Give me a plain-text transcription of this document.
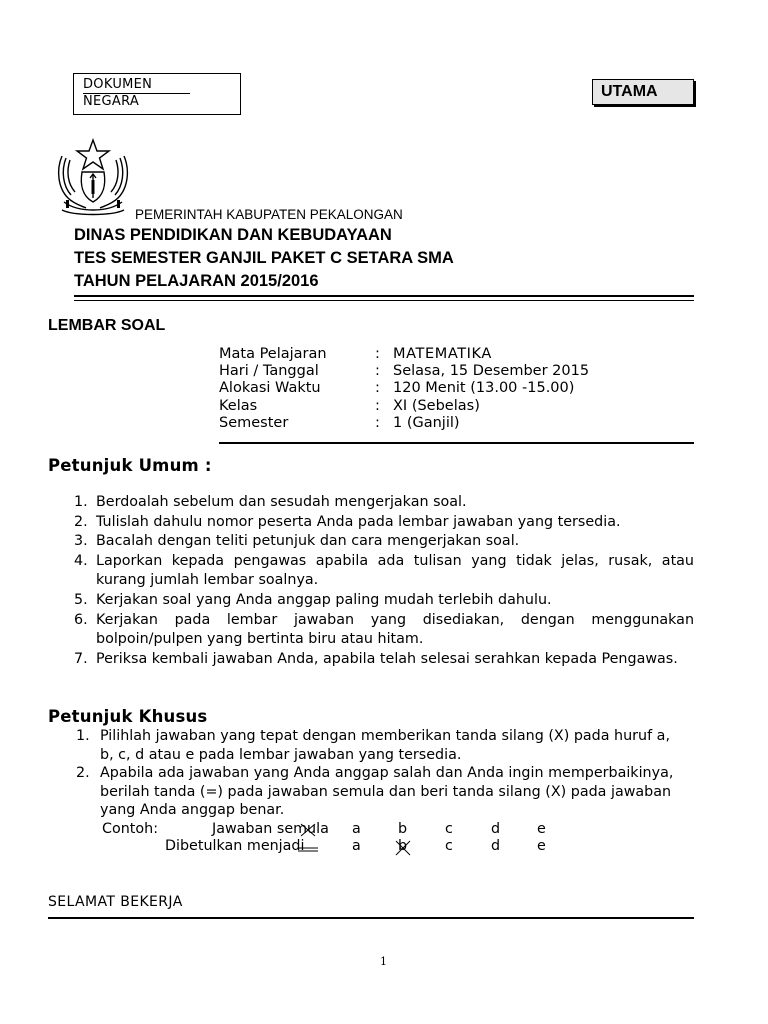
DOKUMEN
NEGARA
UTAMA
PEMERINTAH KABUPATEN PEKALONGAN
DINAS PENDIDIKAN DAN KEBUDAYAAN
TES SEMESTER GANJIL PAKET C SETARA SMA
TAHUN PELAJARAN 2015/2016
LEMBAR SOAL
Mata Pelajaran	: MATEMATIKA
Hari / Tanggal	: Selasa, 15 Desember 2015
Alokasi Waktu	: 120 Menit (13.00 -15.00)
Kelas	: XI (Sebelas)
Semester	: 1 (Ganjil)
Petunjuk Umum :
1. Berdoalah sebelum dan sesudah mengerjakan soal.
2. Tulislah dahulu nomor peserta Anda pada lembar jawaban yang tersedia.
3. Bacalah dengan teliti petunjuk dan cara mengerjakan soal.
4. Laporkan kepada pengawas apabila ada tulisan yang tidak jelas, rusak, atau kurang jumlah lembar soalnya.
5. Kerjakan soal yang Anda anggap paling mudah terlebih dahulu.
6. Kerjakan pada lembar jawaban yang disediakan, dengan menggunakan bolpoin/pulpen yang bertinta biru atau hitam.
7. Periksa kembali jawaban Anda, apabila telah selesai serahkan kepada Pengawas.
Petunjuk Khusus
1. Pilihlah jawaban yang tepat dengan memberikan tanda silang (X) pada huruf a, b, c, d atau e pada lembar jawaban yang tersedia.
2. Apabila ada jawaban yang Anda anggap salah dan Anda ingin memperbaikinya, berilah tanda (=) pada jawaban semula dan beri tanda silang (X) pada jawaban yang Anda anggap benar.
Contoh:	Jawaban semula a	b	c	d	e
Dibetulkan menjadi	a	b	c	d	e
SELAMAT BEKERJA
1
